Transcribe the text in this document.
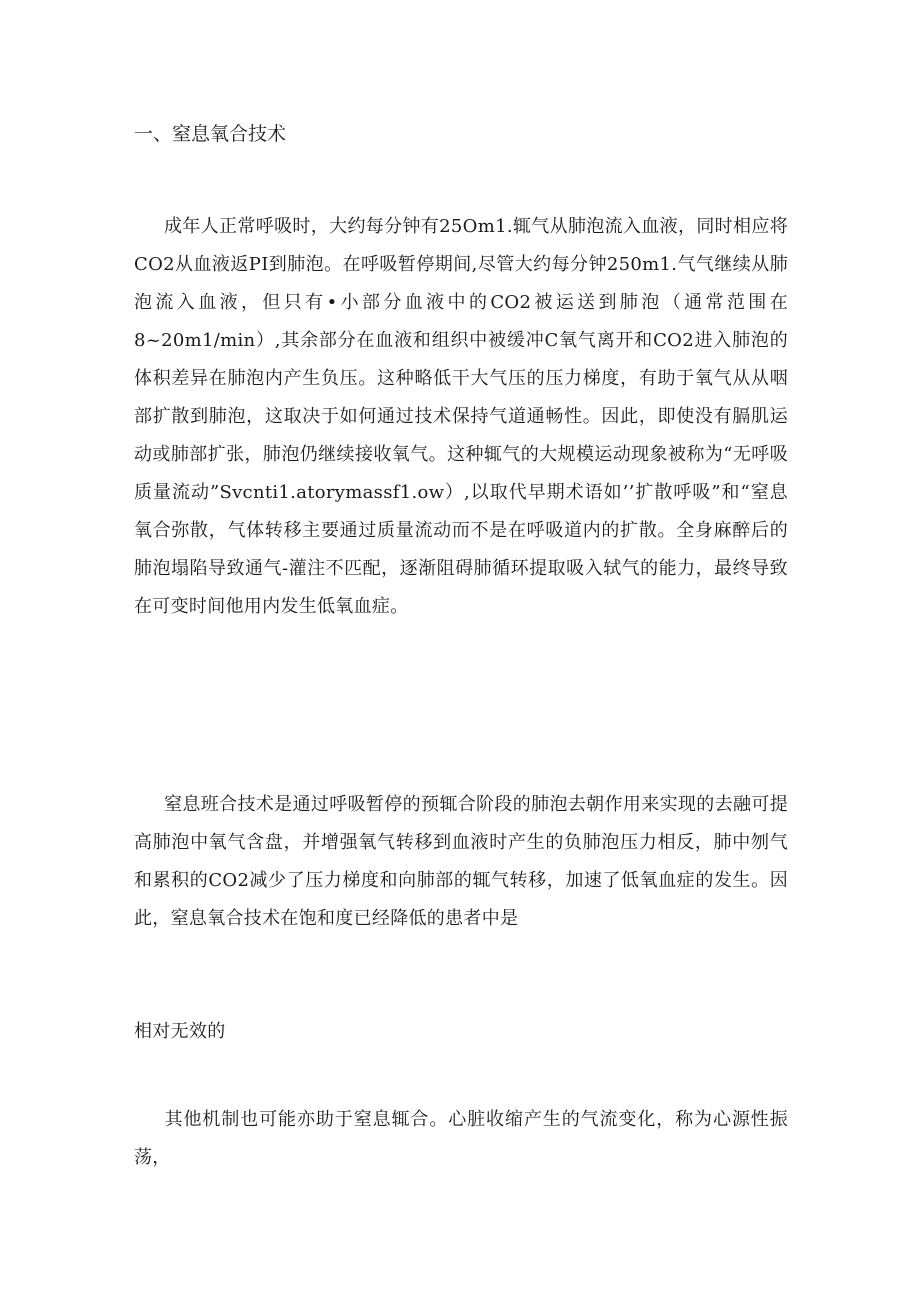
一、窒息氧合技术

成年人正常呼吸时，大约每分钟有25Om1.辄气从肺泡流入血液，同时相应将CO2从血液返PI到肺泡。在呼吸暂停期间,尽管大约每分钟250m1.气气继续从肺泡流入血液，但只有•小部分血液中的CO2被运送到肺泡（通常范围在8~20m1∕min）,其余部分在血液和组织中被缓冲C氧气离开和CO2进入肺泡的体积差异在肺泡内产生负压。这种略低干大气压的压力梯度，有助于氧气从从咽部扩散到肺泡，这取决于如何通过技术保持气道通畅性。因此，即使没有膈肌运动或肺部扩张，肺泡仍继续接收氧气。这种辄气的大规模运动现象被称为“无呼吸质量流动”Svcnti1.atorymassf1.ow）,以取代早期术语如’’扩散呼吸”和“窒息氧合弥散，气体转移主要通过质量流动而不是在呼吸道内的扩散。全身麻醉后的肺泡塌陷导致通气-灌注不匹配，逐渐阻碍肺循环提取吸入轼气的能力，最终导致在可变时间他用内发生低氧血症。

窒息班合技术是通过呼吸暂停的预辄合阶段的肺泡去朝作用来实现的去融可提高肺泡中氧气含盘，并增强氧气转移到血液时产生的负肺泡压力相反，肺中刎气和累积的CO2减少了压力梯度和向肺部的辄气转移，加速了低氧血症的发生。因此，窒息氧合技术在饱和度已经降低的患者中是

相对无效的

其他机制也可能亦助于窒息辄合。心脏收缩产生的气流变化，称为心源性振荡，
